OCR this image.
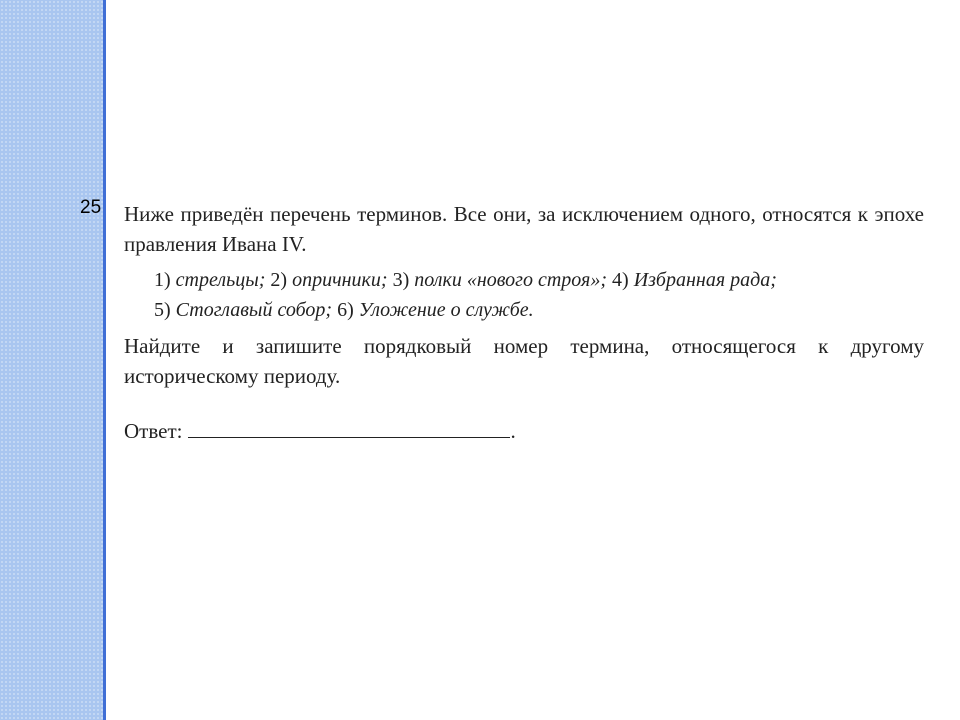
25 Ниже приведён перечень терминов. Все они, за исключением одного, относятся к эпохе правления Ивана IV.

1) стрельцы; 2) опричники; 3) полки «нового строя»; 4) Избранная рада;
5) Стоглавый собор; 6) Уложение о службе.

Найдите и запишите порядковый номер термина, относящегося к другому историческому периоду.

Ответ:	.
